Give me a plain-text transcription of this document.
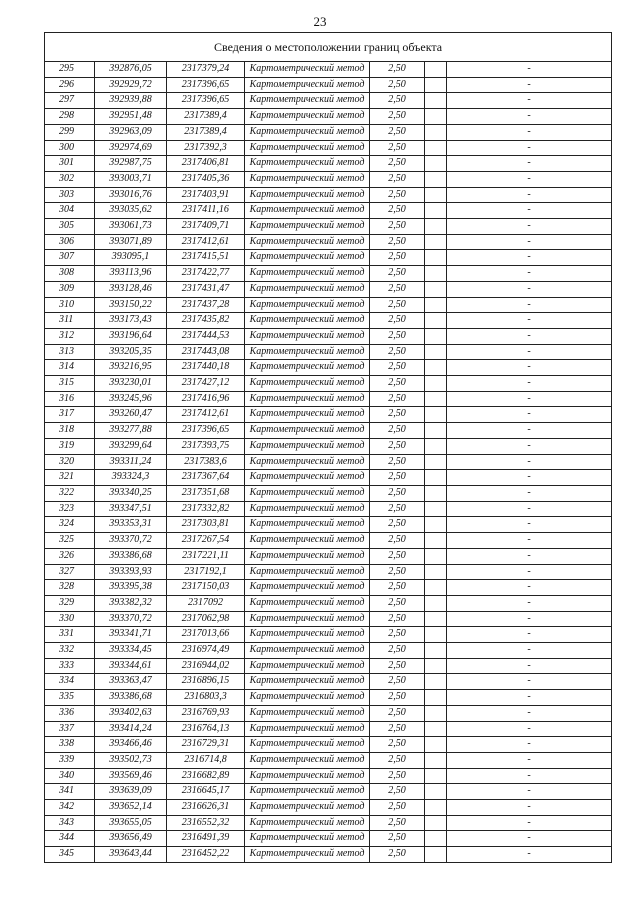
23
Сведения о местоположении границ объекта						
295	392876,05	2317379,24	Картометрический метод	2,50		-
296	392929,72	2317396,65	Картометрический метод	2,50		-
297	392939,88	2317396,65	Картометрический метод	2,50		-
298	392951,48	2317389,4	Картометрический метод	2,50		-
299	392963,09	2317389,4	Картометрический метод	2,50		-
300	392974,69	2317392,3	Картометрический метод	2,50		-
301	392987,75	2317406,81	Картометрический метод	2,50		-
302	393003,71	2317405,36	Картометрический метод	2,50		-
303	393016,76	2317403,91	Картометрический метод	2,50		-
304	393035,62	2317411,16	Картометрический метод	2,50		-
305	393061,73	2317409,71	Картометрический метод	2,50		-
306	393071,89	2317412,61	Картометрический метод	2,50		-
307	393095,1	2317415,51	Картометрический метод	2,50		-
308	393113,96	2317422,77	Картометрический метод	2,50		-
309	393128,46	2317431,47	Картометрический метод	2,50		-
310	393150,22	2317437,28	Картометрический метод	2,50		-
311	393173,43	2317435,82	Картометрический метод	2,50		-
312	393196,64	2317444,53	Картометрический метод	2,50		-
313	393205,35	2317443,08	Картометрический метод	2,50		-
314	393216,95	2317440,18	Картометрический метод	2,50		-
315	393230,01	2317427,12	Картометрический метод	2,50		-
316	393245,96	2317416,96	Картометрический метод	2,50		-
317	393260,47	2317412,61	Картометрический метод	2,50		-
318	393277,88	2317396,65	Картометрический метод	2,50		-
319	393299,64	2317393,75	Картометрический метод	2,50		-
320	393311,24	2317383,6	Картометрический метод	2,50		-
321	393324,3	2317367,64	Картометрический метод	2,50		-
322	393340,25	2317351,68	Картометрический метод	2,50		-
323	393347,51	2317332,82	Картометрический метод	2,50		-
324	393353,31	2317303,81	Картометрический метод	2,50		-
325	393370,72	2317267,54	Картометрический метод	2,50		-
326	393386,68	2317221,11	Картометрический метод	2,50		-
327	393393,93	2317192,1	Картометрический метод	2,50		-
328	393395,38	2317150,03	Картометрический метод	2,50		-
329	393382,32	2317092	Картометрический метод	2,50		-
330	393370,72	2317062,98	Картометрический метод	2,50		-
331	393341,71	2317013,66	Картометрический метод	2,50		-
332	393334,45	2316974,49	Картометрический метод	2,50		-
333	393344,61	2316944,02	Картометрический метод	2,50		-
334	393363,47	2316896,15	Картометрический метод	2,50		-
335	393386,68	2316803,3	Картометрический метод	2,50		-
336	393402,63	2316769,93	Картометрический метод	2,50		-
337	393414,24	2316764,13	Картометрический метод	2,50		-
338	393466,46	2316729,31	Картометрический метод	2,50		-
339	393502,73	2316714,8	Картометрический метод	2,50		-
340	393569,46	2316682,89	Картометрический метод	2,50		-
341	393639,09	2316645,17	Картометрический метод	2,50		-
342	393652,14	2316626,31	Картометрический метод	2,50		-
343	393655,05	2316552,32	Картометрический метод	2,50		-
344	393656,49	2316491,39	Картометрический метод	2,50		-
345	393643,44	2316452,22	Картометрический метод	2,50		-
